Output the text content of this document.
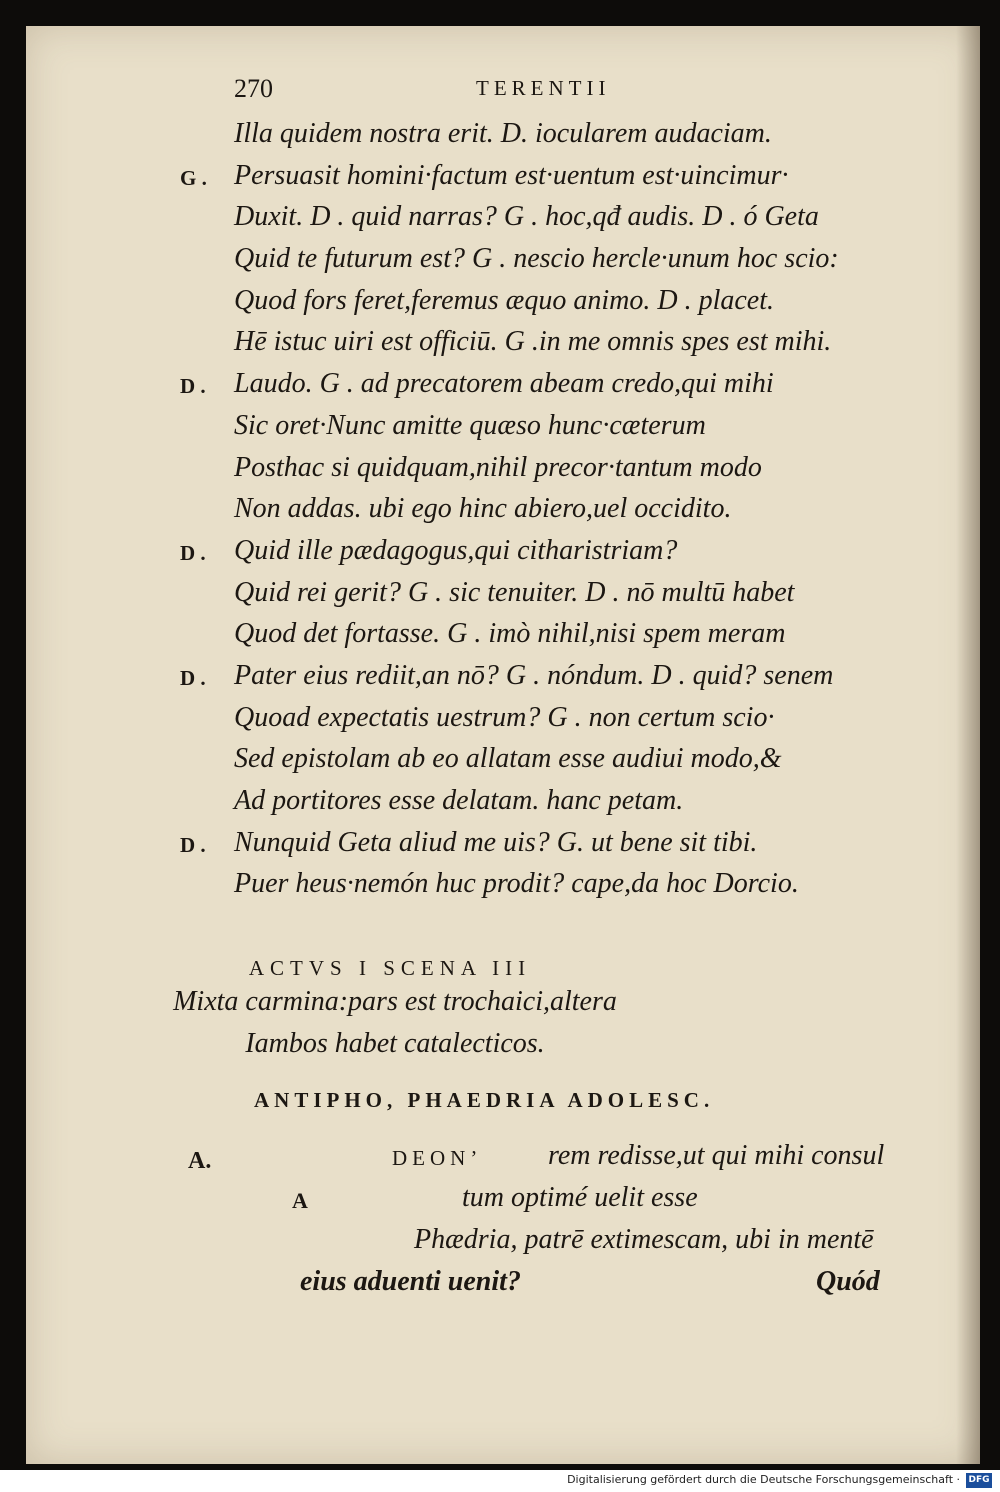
270	TERENTII
Illa quidem nostra erit. D. iocularem audaciam.
G .	Persuasit homini·factum est·uentum est·uincimur·
Duxit. D . quid narras? G . hoc,qđ audis. D . ó Geta
Quid te futurum est? G . nescio hercle·unum hoc scio:
Quod fors feret,feremus æquo animo. D . placet.
Hē istuc uiri est officiū. G .in me omnis spes est mihi.
D .	Laudo. G . ad precatorem abeam credo,qui mihi
Sic oret·Nunc amitte quæso hunc·cæterum
Posthac si quidquam,nihil precor·tantum modo
Non addas. ubi ego hinc abiero,uel occidito.
D .	Quid ille pædagogus,qui citharistriam?
Quid rei gerit? G . sic tenuiter. D . nō multū habet
Quod det fortasse. G . imò nihil,nisi spem meram
D .	Pater eius rediit,an nō? G . nóndum. D . quid? senem
Quoad expectatis uestrum? G . non certum scio·
Sed epistolam ab eo allatam esse audiui modo,&
Ad portitores esse delatam. hanc petam.
D .	Nunquid Geta aliud me uis? G. ut bene sit tibi.
Puer heus·nemón huc prodit? cape,da hoc Dorcio.
ACTVS I SCENA III
Mixta carmina:pars est trochaici,altera
Iambos habet catalecticos.
ANTIPHO, PHAEDRIA ADOLESC.
A.	DEON’ rem redisse,ut qui mihi consul
A	tum optimé uelit esse
Phædria, patrē extimescam, ubi in mentē
eius aduenti uenit?	Quód
Digitalisierung gefördert durch die Deutsche Forschungsgemeinschaft · DFG
